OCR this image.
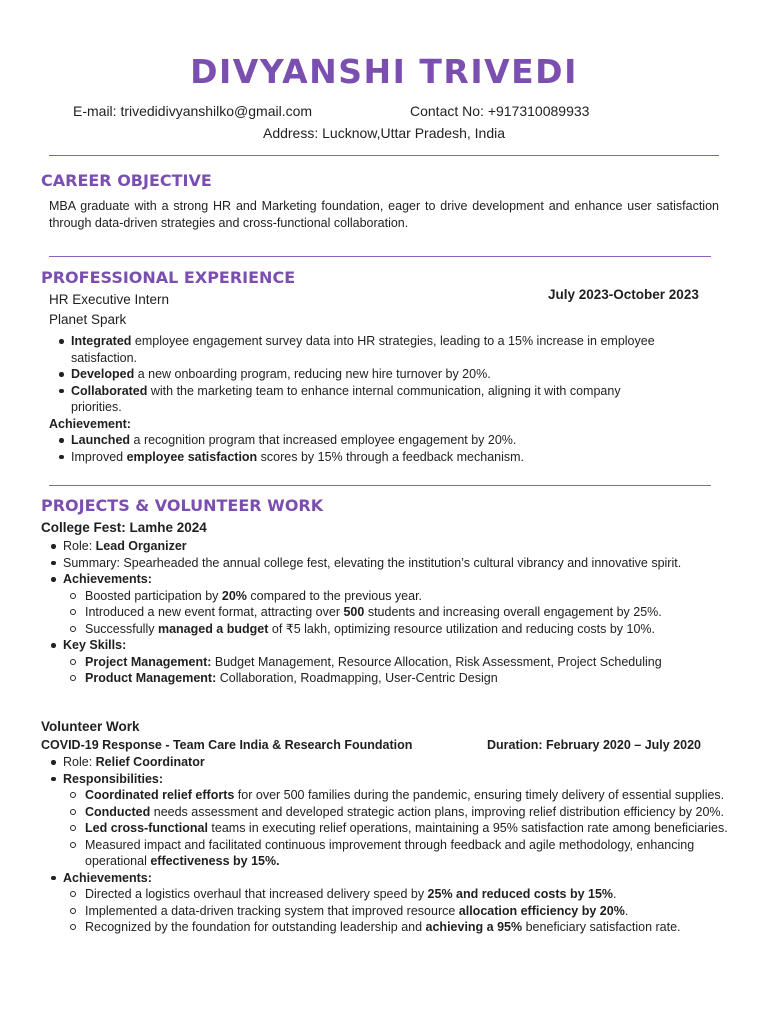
DIVYANSHI TRIVEDI
E-mail: trivedidivyanshilko@gmail.com	Contact No: +917310089933
Address: Lucknow,Uttar Pradesh, India
CAREER OBJECTIVE

MBA graduate with a strong HR and Marketing foundation, eager to drive development and enhance user satisfaction through data-driven strategies and cross-functional collaboration.

PROFESSIONAL EXPERIENCE
HR Executive Intern	July 2023-October 2023
Planet Spark
Integrated employee engagement survey data into HR strategies, leading to a 15% increase in employee satisfaction.
Developed a new onboarding program, reducing new hire turnover by 20%.
Collaborated with the marketing team to enhance internal communication, aligning it with company priorities.
Achievement:
Launched a recognition program that increased employee engagement by 20%.
Improved employee satisfaction scores by 15% through a feedback mechanism.
PROJECTS & VOLUNTEER WORK
College Fest: Lamhe 2024
Role: Lead Organizer
Summary: Spearheaded the annual college fest, elevating the institution’s cultural vibrancy and innovative spirit.
Achievements:
Boosted participation by 20% compared to the previous year.
Introduced a new event format, attracting over 500 students and increasing overall engagement by 25%.
Successfully managed a budget of ₹5 lakh, optimizing resource utilization and reducing costs by 10%.
Key Skills:
Project Management: Budget Management, Resource Allocation, Risk Assessment, Project Scheduling
Product Management: Collaboration, Roadmapping, User-Centric Design
Volunteer Work
COVID-19 Response - Team Care India & Research Foundation	Duration: February 2020 – July 2020
Role: Relief Coordinator
Responsibilities:
Coordinated relief efforts for over 500 families during the pandemic, ensuring timely delivery of essential supplies.
Conducted needs assessment and developed strategic action plans, improving relief distribution efficiency by 20%.
Led cross-functional teams in executing relief operations, maintaining a 95% satisfaction rate among beneficiaries.
Measured impact and facilitated continuous improvement through feedback and agile methodology, enhancing operational effectiveness by 15%.
Achievements:
Directed a logistics overhaul that increased delivery speed by 25% and reduced costs by 15%.
Implemented a data-driven tracking system that improved resource allocation efficiency by 20%.
Recognized by the foundation for outstanding leadership and achieving a 95% beneficiary satisfaction rate.
